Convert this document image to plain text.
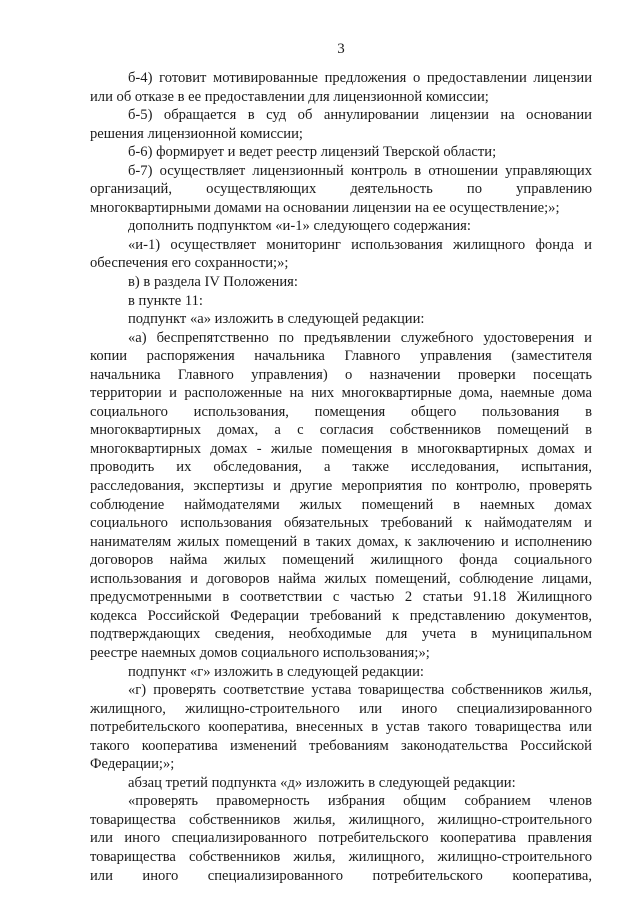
3
б-4) готовит мотивированные предложения о предоставлении лицензии
или об отказе в ее предоставлении для лицензионной комиссии;
б-5) обращается в суд об аннулировании лицензии на основании
решения лицензионной комиссии;
б-6) формирует и ведет реестр лицензий Тверской области;
б-7) осуществляет лицензионный контроль в отношении управляющих
организаций, осуществляющих деятельность по управлению
многоквартирными домами на основании лицензии на ее осуществление;»;
дополнить подпунктом «и-1» следующего содержания:
«и-1) осуществляет мониторинг использования жилищного фонда и
обеспечения его сохранности;»;
в) в раздела IV Положения:
в пункте 11:
подпункт «а» изложить в следующей редакции:
«а) беспрепятственно по предъявлении служебного удостоверения и
копии распоряжения начальника Главного управления (заместителя
начальника Главного управления) о назначении проверки посещать
территории и расположенные на них многоквартирные дома, наемные дома
социального использования, помещения общего пользования в
многоквартирных домах, а с согласия собственников помещений в
многоквартирных домах - жилые помещения в многоквартирных домах и
проводить их обследования, а также исследования, испытания,
расследования, экспертизы и другие мероприятия по контролю, проверять
соблюдение наймодателями жилых помещений в наемных домах
социального использования обязательных требований к наймодателям и
нанимателям жилых помещений в таких домах, к заключению и исполнению
договоров найма жилых помещений жилищного фонда социального
использования и договоров найма жилых помещений, соблюдение лицами,
предусмотренными в соответствии с частью 2 статьи 91.18 Жилищного
кодекса Российской Федерации требований к представлению документов,
подтверждающих сведения, необходимые для учета в муниципальном
реестре наемных домов социального использования;»;
подпункт «г» изложить в следующей редакции:
«г) проверять соответствие устава товарищества собственников жилья,
жилищного, жилищно-строительного или иного специализированного
потребительского кооператива, внесенных в устав такого товарищества или
такого кооператива изменений требованиям законодательства Российской
Федерации;»;
абзац третий подпункта «д» изложить в следующей редакции:
«проверять правомерность избрания общим собранием членов
товарищества собственников жилья, жилищного, жилищно-строительного
или иного специализированного потребительского кооператива правления
товарищества собственников жилья, жилищного, жилищно-строительного
или иного специализированного потребительского кооператива,
